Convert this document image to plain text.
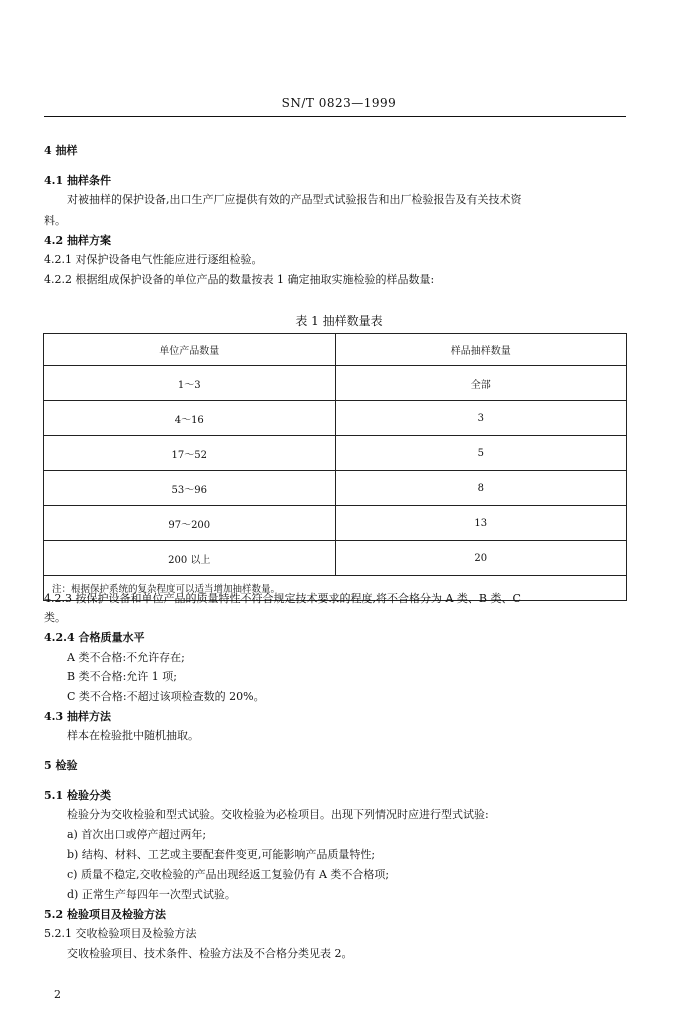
SN/T 0823—1999
4 抽样
4.1 抽样条件
对被抽样的保护设备,出口生产厂应提供有效的产品型式试验报告和出厂检验报告及有关技术资
料。
4.2 抽样方案
4.2.1 对保护设备电气性能应进行逐组检验。
4.2.2 根据组成保护设备的单位产品的数量按表 1 确定抽取实施检验的样品数量:
表 1 抽样数量表
单位产品数量	样品抽样数量
1～3	全部
4～16	3
17～52	5
53～96	8
97～200	13
200 以上	20
注：根据保护系统的复杂程度可以适当增加抽样数量。	
4.2.3 按保护设备和单位产品的质量特性不符合规定技术要求的程度,将不合格分为 A 类、B 类、C
类。
4.2.4 合格质量水平
A 类不合格:不允许存在;
B 类不合格:允许 1 项;
C 类不合格:不超过该项检查数的 20%。
4.3 抽样方法
样本在检验批中随机抽取。
5 检验
5.1 检验分类
检验分为交收检验和型式试验。交收检验为必检项目。出现下列情况时应进行型式试验:
a) 首次出口或停产超过两年;
b) 结构、材料、工艺或主要配套件变更,可能影响产品质量特性;
c) 质量不稳定,交收检验的产品出现经返工复验仍有 A 类不合格项;
d) 正常生产每四年一次型式试验。
5.2 检验项目及检验方法
5.2.1 交收检验项目及检验方法
交收检验项目、技术条件、检验方法及不合格分类见表 2。
2
